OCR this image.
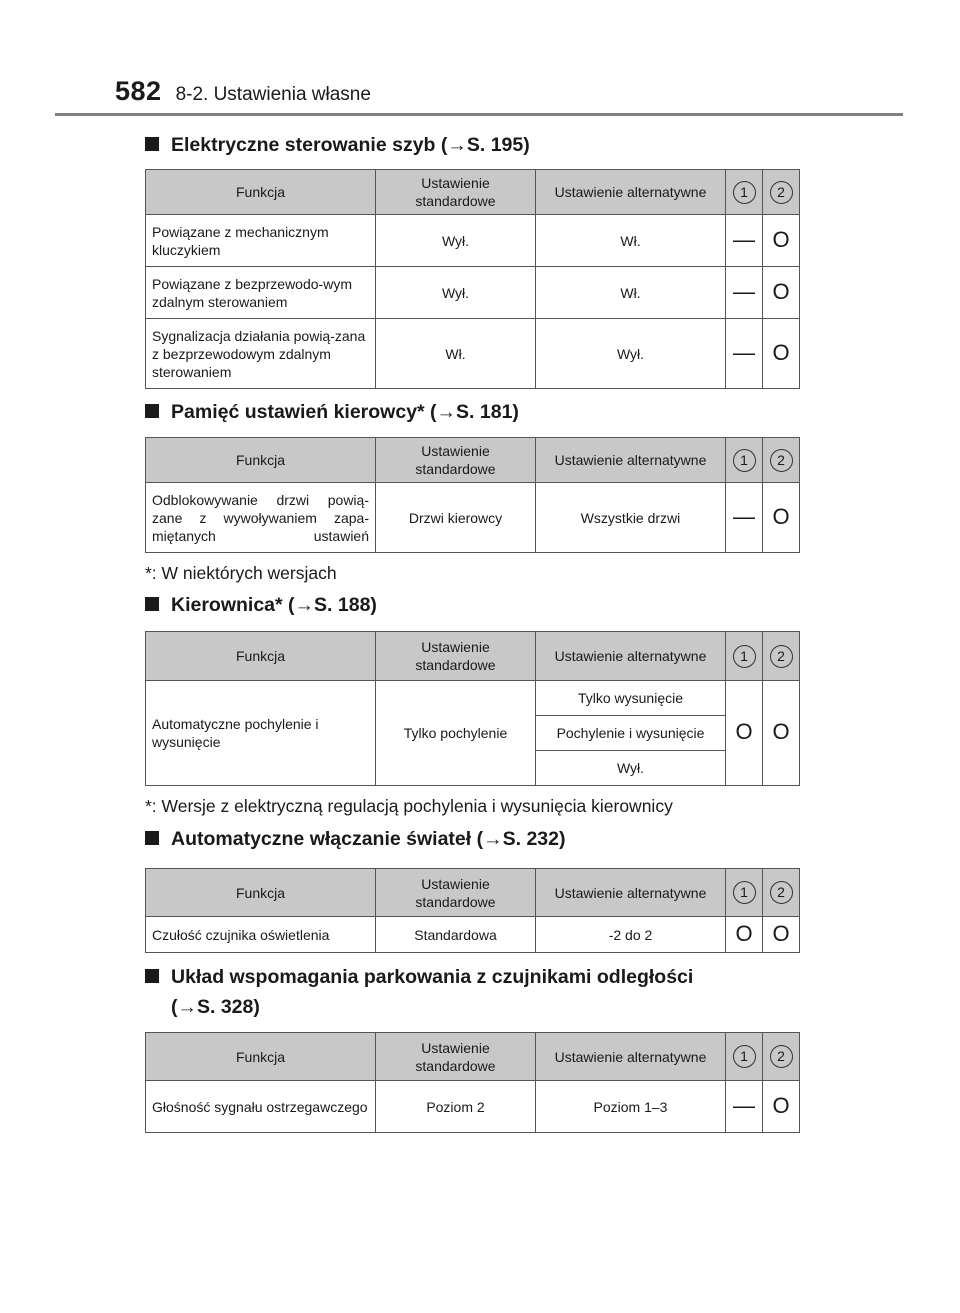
582 8-2. Ustawienia własne
Elektryczne sterowanie szyb (→S. 195)
Funkcja	Ustawienie standardowe	Ustawienie alternatywne	1	2
Powiązane z mechanicznym kluczykiem	Wył.	Wł.	—	O
Powiązane z bezprzewodo-wym zdalnym sterowaniem	Wył.	Wł.	—	O
Sygnalizacja działania powią-zana z bezprzewodowym zdalnym sterowaniem	Wł.	Wył.	—	O
Pamięć ustawień kierowcy* (→S. 181)
Funkcja	Ustawienie standardowe	Ustawienie alternatywne	1	2
Odblokowywanie drzwi powią-zane z wywoływaniem zapa-miętanych ustawień	Drzwi kierowcy	Wszystkie drzwi	—	O
*: W niektórych wersjach
Kierownica* (→S. 188)
Funkcja	Ustawienie standardowe	Ustawienie alternatywne	1	2
Automatyczne pochylenie i wysunięcie	Tylko pochylenie	Tylko wysunięcie	O	O
		Pochylenie i wysunięcie		
		Wył.		
*: Wersje z elektryczną regulacją pochylenia i wysunięcia kierownicy
Automatyczne włączanie świateł (→S. 232)
Funkcja	Ustawienie standardowe	Ustawienie alternatywne	1	2
Czułość czujnika oświetlenia	Standardowa	-2 do 2	O	O
Układ wspomagania parkowania z czujnikami odległości
(→S. 328)
Funkcja	Ustawienie standardowe	Ustawienie alternatywne	1	2
Głośność sygnału ostrzegawczego	Poziom 2	Poziom 1–3	—	O
